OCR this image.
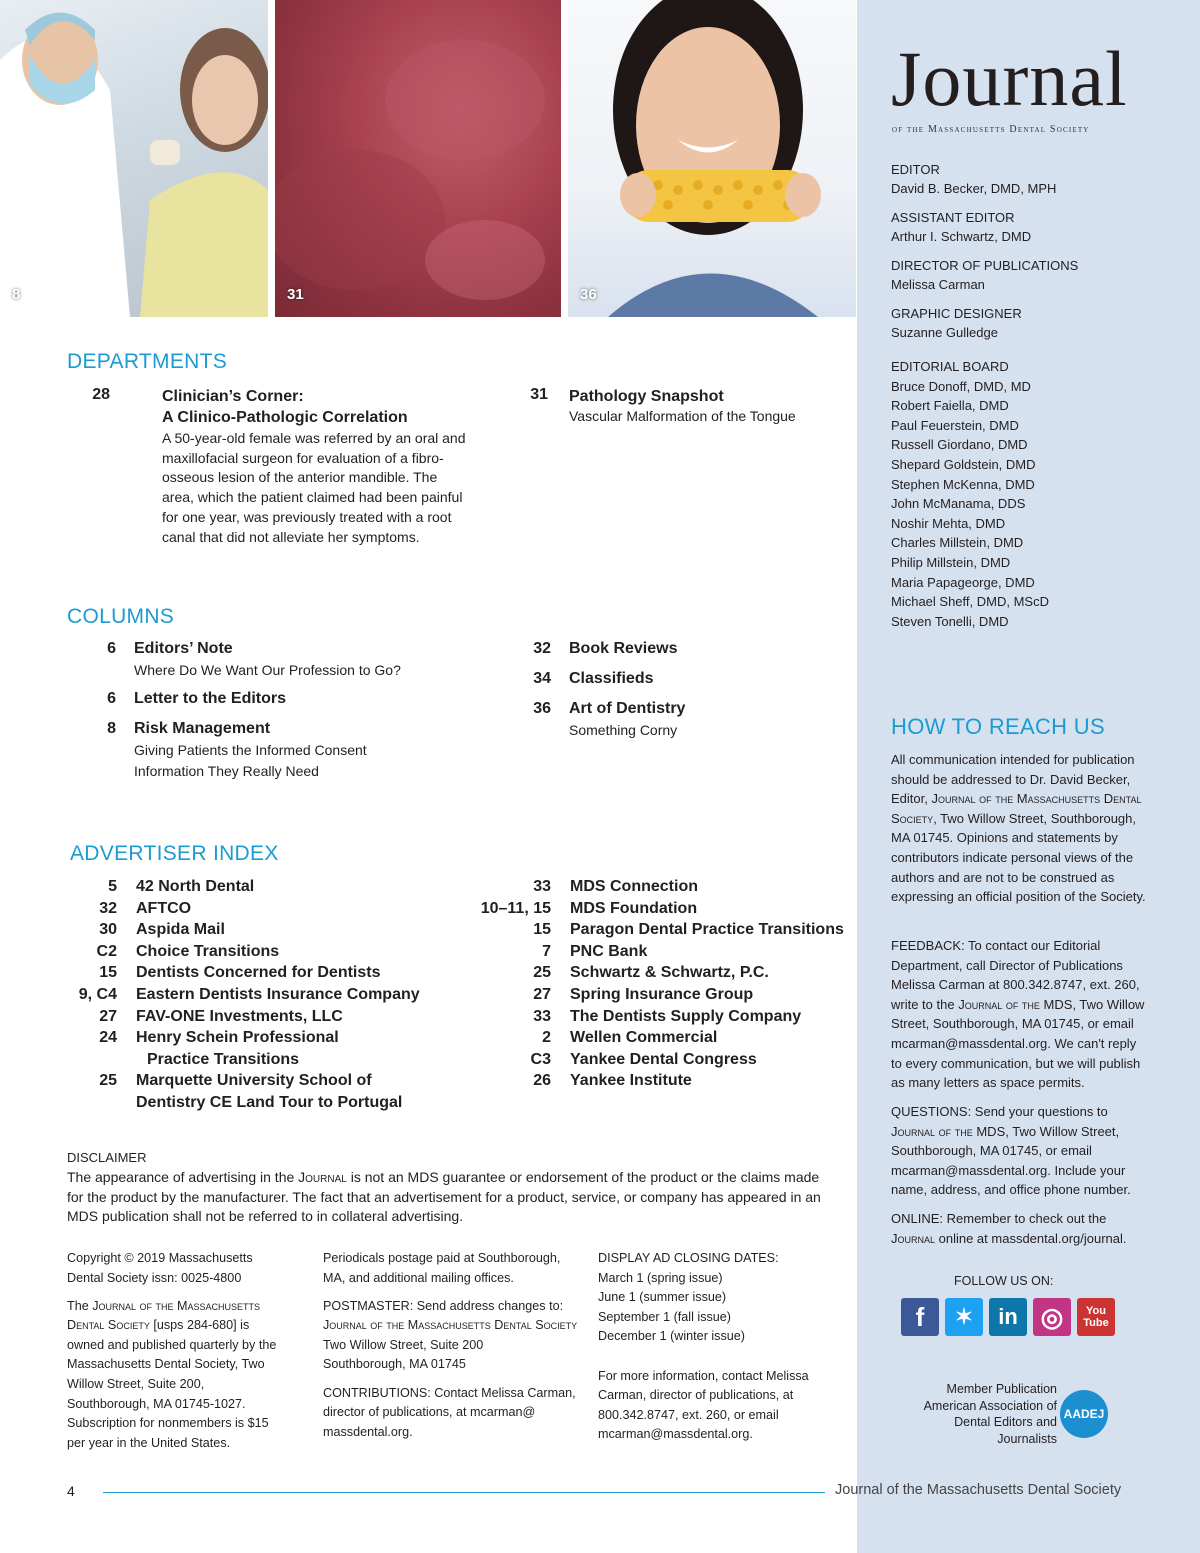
8	31	36
Journal
of the Massachusetts Dental Society
EDITOR
David B. Becker, DMD, MPH
ASSISTANT EDITOR
Arthur I. Schwartz, DMD
DIRECTOR OF PUBLICATIONS
Melissa Carman
GRAPHIC DESIGNER
Suzanne Gulledge
EDITORIAL BOARD
Bruce Donoff, DMD, MD
Robert Faiella, DMD
Paul Feuerstein, DMD
Russell Giordano, DMD
Shepard Goldstein, DMD
Stephen McKenna, DMD
John McManama, DDS
Noshir Mehta, DMD
Charles Millstein, DMD
Philip Millstein, DMD
Maria Papageorge, DMD
Michael Sheff, DMD, MScD
Steven Tonelli, DMD
HOW TO REACH US
All communication intended for publication should be addressed to Dr. David Becker, Editor, Journal of the Massachusetts Dental Society, Two Willow Street, Southborough, MA 01745. Opinions and statements by contributors indicate personal views of the authors and are not to be construed as expressing an official position of the Society.
FEEDBACK: To contact our Editorial Department, call Director of Publications Melissa Carman at 800.342.8747, ext. 260, write to the Journal of the MDS, Two Willow Street, Southborough, MA 01745, or email mcarman@massdental.org. We can't reply to every communication, but we will publish as many letters as space permits.
QUESTIONS: Send your questions to Journal of the MDS, Two Willow Street, Southborough, MA 01745, or email mcarman@massdental.org. Include your name, address, and office phone number.
ONLINE: Remember to check out the Journal online at massdental.org/journal.
FOLLOW US ON:
f	✶	in ◎	You
Tube
Member Publication American Association of Dental Editors and Journalists
AADEJ
DEPARTMENTS
28	Clinician’s Corner:
A Clinico-Pathologic Correlation
A 50-year-old female was referred by an oral and maxillofacial surgeon for evaluation of a fibro-osseous lesion of the anterior mandible. The area, which the patient claimed had been painful for one year, was previously treated with a root canal that did not alleviate her symptoms.
31 Pathology Snapshot
Vascular Malformation of the Tongue
COLUMNS
6 Editors’ Note
Where Do We Want Our Profession to Go?
6 Letter to the Editors
8 Risk Management
Giving Patients the Informed Consent
Information They Really Need
32 Book Reviews
34 Classifieds
36 Art of Dentistry
Something Corny
ADVERTISER INDEX
5 42 North Dental
32 AFTCO
30 Aspida Mail
C2 Choice Transitions
15 Dentists Concerned for Dentists
9, C4 Eastern Dentists Insurance Company
27 FAV-ONE Investments, LLC
24 Henry Schein Professional
Practice Transitions
25 Marquette University School of
Dentistry CE Land Tour to Portugal
33 MDS Connection
10–11, 15 MDS Foundation
15 Paragon Dental Practice Transitions
7 PNC Bank
25 Schwartz & Schwartz, P.C.
27 Spring Insurance Group
33 The Dentists Supply Company
2 Wellen Commercial
C3 Yankee Dental Congress
26 Yankee Institute
DISCLAIMER
The appearance of advertising in the Journal is not an MDS guarantee or endorsement of the product or the claims made for the product by the manufacturer. The fact that an advertisement for a product, service, or company has appeared in an MDS publication shall not be referred to in collateral advertising.

Copyright © 2019 Massachusetts Dental Society issn: 0025-4800

The Journal of the Massachusetts Dental Society [usps 284-680] is owned and published quarterly by the Massachusetts Dental Society, Two Willow Street, Suite 200, Southborough, MA 01745-1027. Subscription for nonmembers is $15 per year in the United States.

Periodicals postage paid at Southborough, MA, and additional mailing offices.

POSTMASTER: Send address changes to:
Journal of the Massachusetts Dental Society
Two Willow Street, Suite 200
Southborough, MA 01745

CONTRIBUTIONS: Contact Melissa Carman, director of publications, at mcarman@ massdental.org.

DISPLAY AD CLOSING DATES:
March 1 (spring issue)
June 1 (summer issue)
September 1 (fall issue)
December 1 (winter issue)
For more information, contact Melissa Carman, director of publications, at 800.342.8747, ext. 260, or email mcarman@massdental.org.
4	Journal of the Massachusetts Dental Society
